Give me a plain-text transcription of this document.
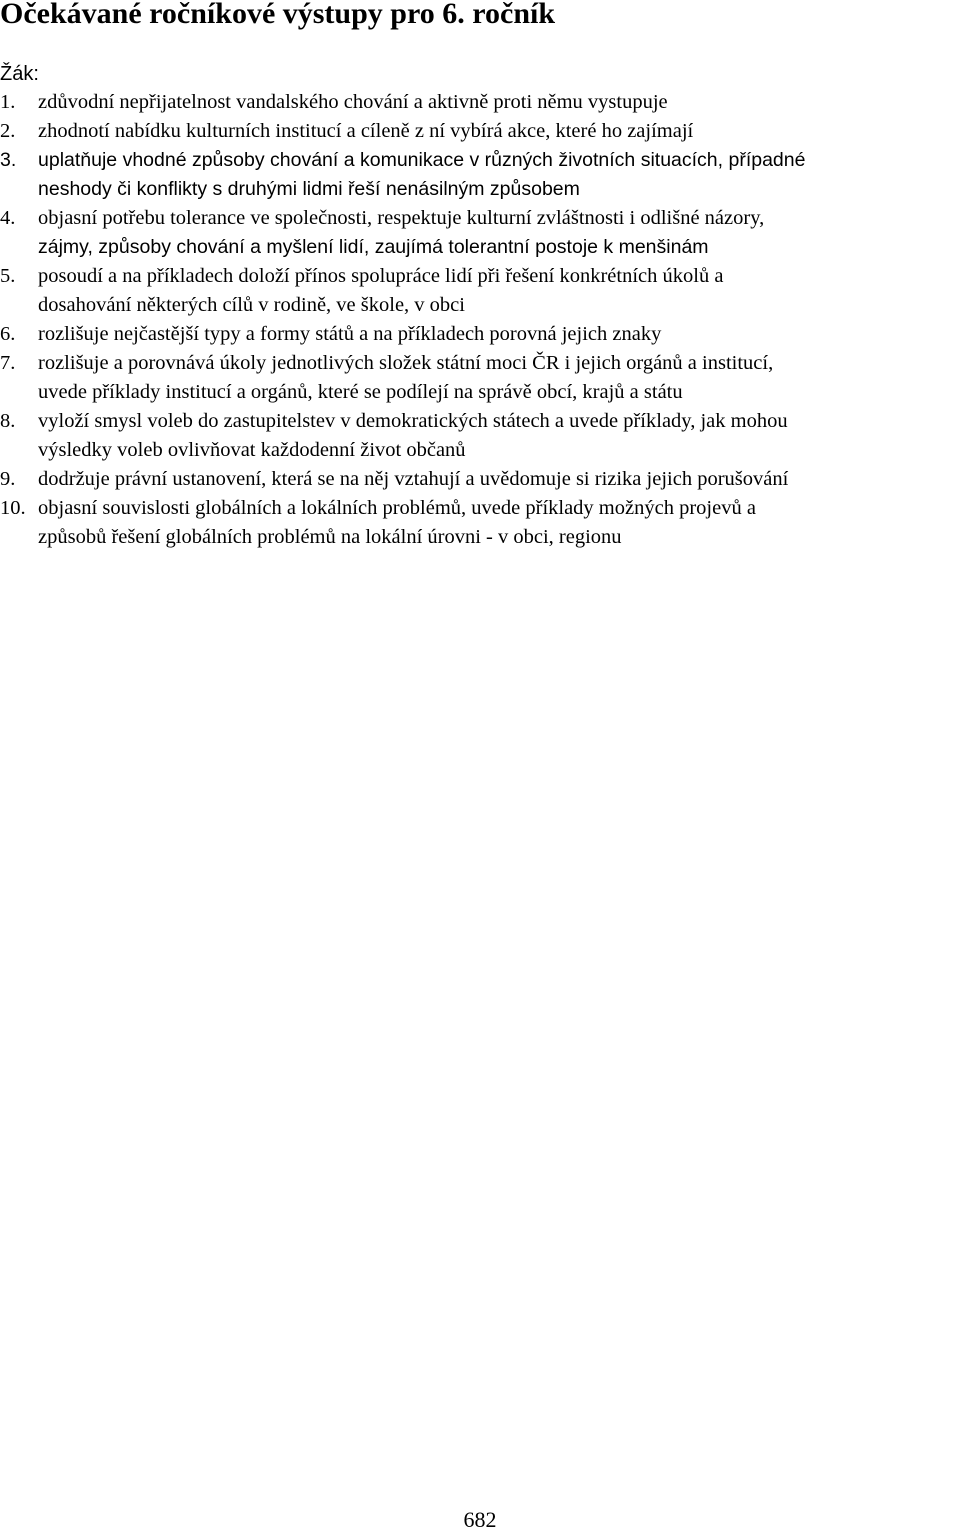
Očekávané ročníkové výstupy pro 6. ročník
Žák:
1. zdůvodní nepřijatelnost vandalského chování a aktivně proti němu vystupuje
2. zhodnotí nabídku kulturních institucí a cíleně z ní vybírá akce, které ho zajímají
3. uplatňuje vhodné způsoby chování a komunikace v různých životních situacích, případné
neshody či konflikty s druhými lidmi řeší nenásilným způsobem
4. objasní potřebu tolerance ve společnosti, respektuje kulturní zvláštnosti i odlišné názory,
zájmy, způsoby chování a myšlení lidí, zaujímá tolerantní postoje k menšinám
5. posoudí a na příkladech doloží přínos spolupráce lidí při řešení konkrétních úkolů a
dosahování některých cílů v rodině, ve škole, v obci
6. rozlišuje nejčastější typy a formy států a na příkladech porovná jejich znaky
7. rozlišuje a porovnává úkoly jednotlivých složek státní moci ČR i jejich orgánů a institucí,
uvede příklady institucí a orgánů, které se podílejí na správě obcí, krajů a státu
8. vyloží smysl voleb do zastupitelstev v demokratických státech a uvede příklady, jak mohou
výsledky voleb ovlivňovat každodenní život občanů
9. dodržuje právní ustanovení, která se na něj vztahují a uvědomuje si rizika jejich porušování
10. objasní souvislosti globálních a lokálních problémů, uvede příklady možných projevů a
způsobů řešení globálních problémů na lokální úrovni - v obci, regionu
682
